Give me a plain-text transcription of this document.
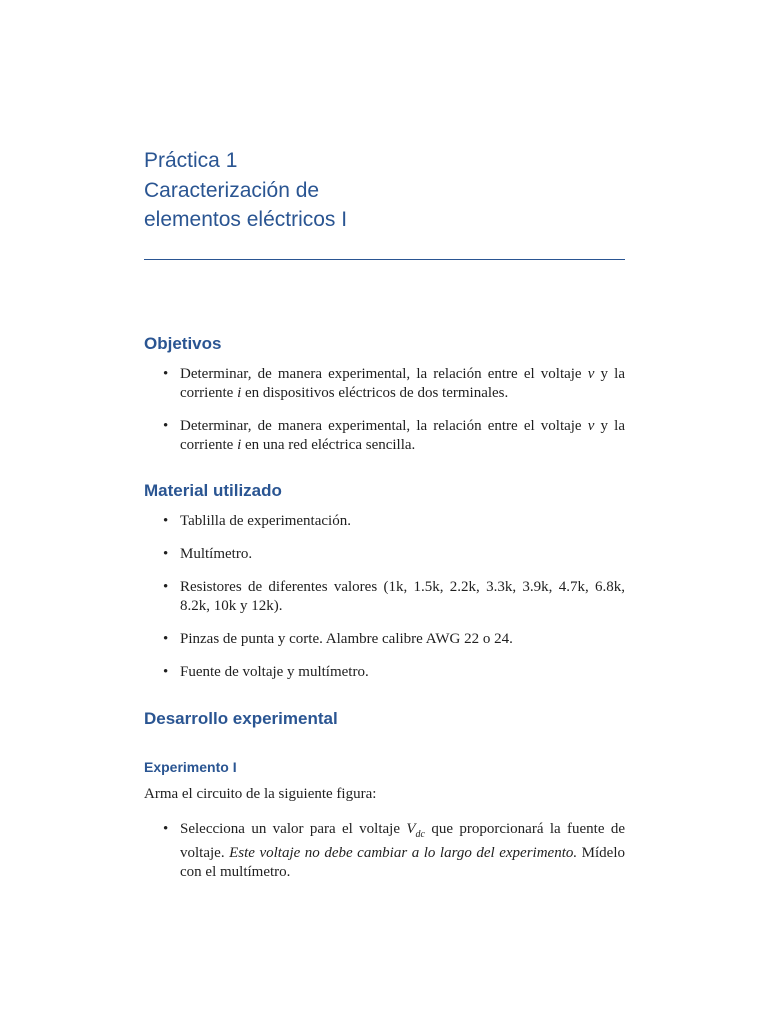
Práctica 1
Caracterización de
elementos eléctricos I
Objetivos
• Determinar, de manera experimental, la relación entre el voltaje v y la corriente i en dispositivos eléctricos de dos terminales.
• Determinar, de manera experimental, la relación entre el voltaje v y la corriente i en una red eléctrica sencilla.
Material utilizado
• Tablilla de experimentación.
• Multímetro.
• Resistores de diferentes valores (1k, 1.5k, 2.2k, 3.3k, 3.9k, 4.7k, 6.8k, 8.2k, 10k y 12k).
• Pinzas de punta y corte. Alambre calibre AWG 22 o 24.
• Fuente de voltaje y multímetro.
Desarrollo experimental
Experimento I

Arma el circuito de la siguiente figura:

• Selecciona un valor para el voltaje $V_{dc}$ que proporcionará la fuente de voltaje. Este voltaje no debe cambiar a lo largo del experimento. Mídelo con el multímetro.
